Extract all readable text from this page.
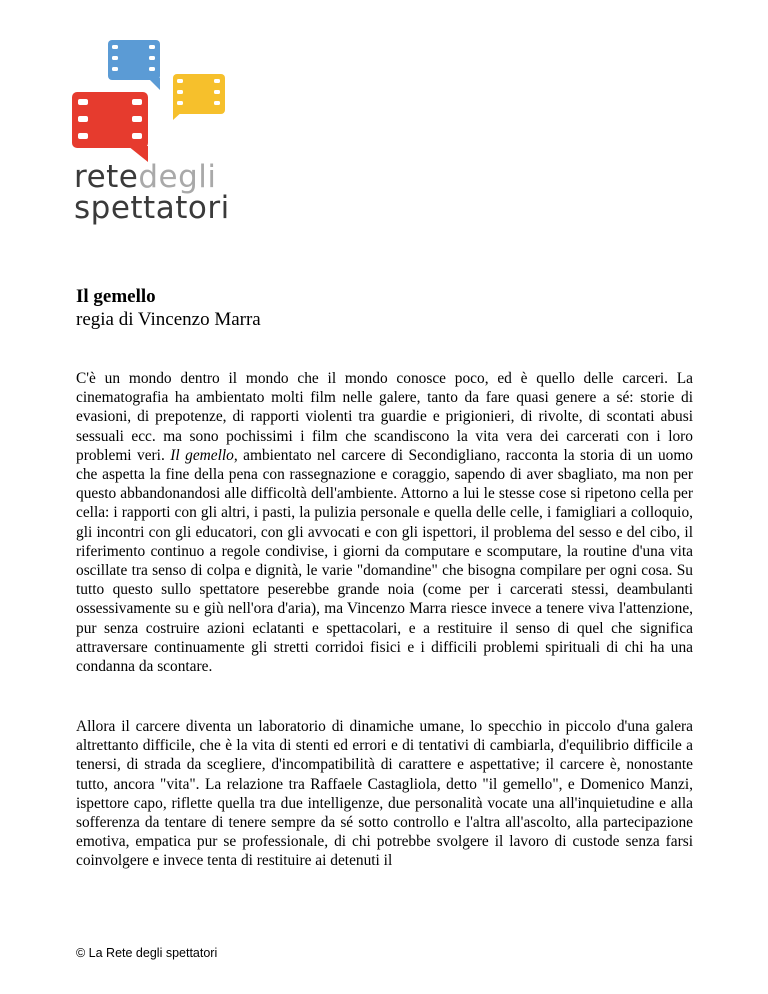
retedegli
spettatori
Il gemello
regia di Vincenzo Marra

C'è un mondo dentro il mondo che il mondo conosce poco, ed è quello delle carceri. La cinematografia ha ambientato molti film nelle galere, tanto da fare quasi genere a sé: storie di evasioni, di prepotenze, di rapporti violenti tra guardie e prigionieri, di rivolte, di scontati abusi sessuali ecc. ma sono pochissimi i film che scandiscono la vita vera dei carcerati con i loro problemi veri. Il gemello, ambientato nel carcere di Secondigliano, racconta la storia di un uomo che aspetta la fine della pena con rassegnazione e coraggio, sapendo di aver sbagliato, ma non per questo abbandonandosi alle difficoltà dell'ambiente. Attorno a lui le stesse cose si ripetono cella per cella: i rapporti con gli altri, i pasti, la pulizia personale e quella delle celle, i famigliari a colloquio, gli incontri con gli educatori, con gli avvocati e con gli ispettori, il problema del sesso e del cibo, il riferimento continuo a regole condivise, i giorni da computare e scomputare, la routine d'una vita oscillate tra senso di colpa e dignità, le varie "domandine" che bisogna compilare per ogni cosa. Su tutto questo sullo spettatore peserebbe grande noia (come per i carcerati stessi, deambulanti ossessivamente su e giù nell'ora d'aria), ma Vincenzo Marra riesce invece a tenere viva l'attenzione, pur senza costruire azioni eclatanti e spettacolari, e a restituire il senso di quel che significa attraversare continuamente gli stretti corridoi fisici e i difficili problemi spirituali di chi ha una condanna da scontare.

Allora il carcere diventa un laboratorio di dinamiche umane, lo specchio in piccolo d'una galera altrettanto difficile, che è la vita di stenti ed errori e di tentativi di cambiarla, d'equilibrio difficile a tenersi, di strada da scegliere, d'incompatibilità di carattere e aspettative; il carcere è, nonostante tutto, ancora "vita". La relazione tra Raffaele Castagliola, detto "il gemello", e Domenico Manzi, ispettore capo, riflette quella tra due intelligenze, due personalità vocate una all'inquietudine e alla sofferenza da tentare di tenere sempre da sé sotto controllo e l'altra all'ascolto, alla partecipazione emotiva, empatica pur se professionale, di chi potrebbe svolgere il lavoro di custode senza farsi coinvolgere e invece tenta di restituire ai detenuti il

© La Rete degli spettatori
